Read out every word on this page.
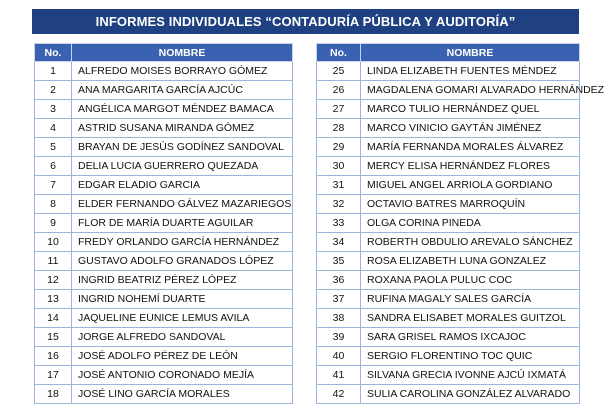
INFORMES INDIVIDUALES “CONTADURÍA PÚBLICA Y AUDITORÍA”
No.	NOMBRE
1	ALFREDO MOISES BORRAYO GÓMEZ
2	ANA MARGARITA GARCÍA AJCÚC
3	ANGÉLICA MARGOT MÉNDEZ BAMACA
4	ASTRID SUSANA MIRANDA GÓMEZ
5	BRAYAN DE JESÚS GODÍNEZ SANDOVAL
6	DELIA LUCIA GUERRERO QUEZADA
7	EDGAR ELADIO GARCIA
8	ELDER FERNANDO GÁLVEZ MAZARIEGOS
9	FLOR DE MARÍA DUARTE AGUILAR
10	FREDY ORLANDO GARCÍA HERNÁNDEZ
11	GUSTAVO ADOLFO GRANADOS LÓPEZ
12	INGRID BEATRIZ PÉREZ LÓPEZ
13	INGRID NOHEMÍ DUARTE
14	JAQUELINE EUNICE LEMUS AVILA
15	JORGE ALFREDO SANDOVAL
16	JOSÉ ADOLFO PÉREZ DE LEÓN
17	JOSÉ ANTONIO CORONADO MEJÍA
18	JOSÉ LINO GARCÍA MORALES
No.	NOMBRE
25	LINDA ELIZABETH FUENTES MÉNDEZ
26	MAGDALENA GOMARI ALVARADO HERNÁNDEZ
27	MARCO TULIO HERNÁNDEZ QUEL
28	MARCO VINICIO GAYTÁN JIMÉNEZ
29	MARÍA FERNANDA MORALES ÁLVAREZ
30	MERCY ELISA HERNÁNDEZ FLORES
31	MIGUEL ANGEL ARRIOLA GORDIANO
32	OCTAVIO BATRES MARROQUÍN
33	OLGA CORINA PINEDA
34	ROBERTH OBDULIO AREVALO SÁNCHEZ
35	ROSA ELIZABETH LUNA GONZALEZ
36	ROXANA PAOLA PULUC COC
37	RUFINA MAGALY SALES GARCÍA
38	SANDRA ELISABET MORALES GUITZOL
39	SARA GRISEL RAMOS IXCAJOC
40	SERGIO FLORENTINO TOC QUIC
41	SILVANA GRECIA IVONNE AJCÚ IXMATÁ
42	SULIA CAROLINA GONZÁLEZ ALVARADO
